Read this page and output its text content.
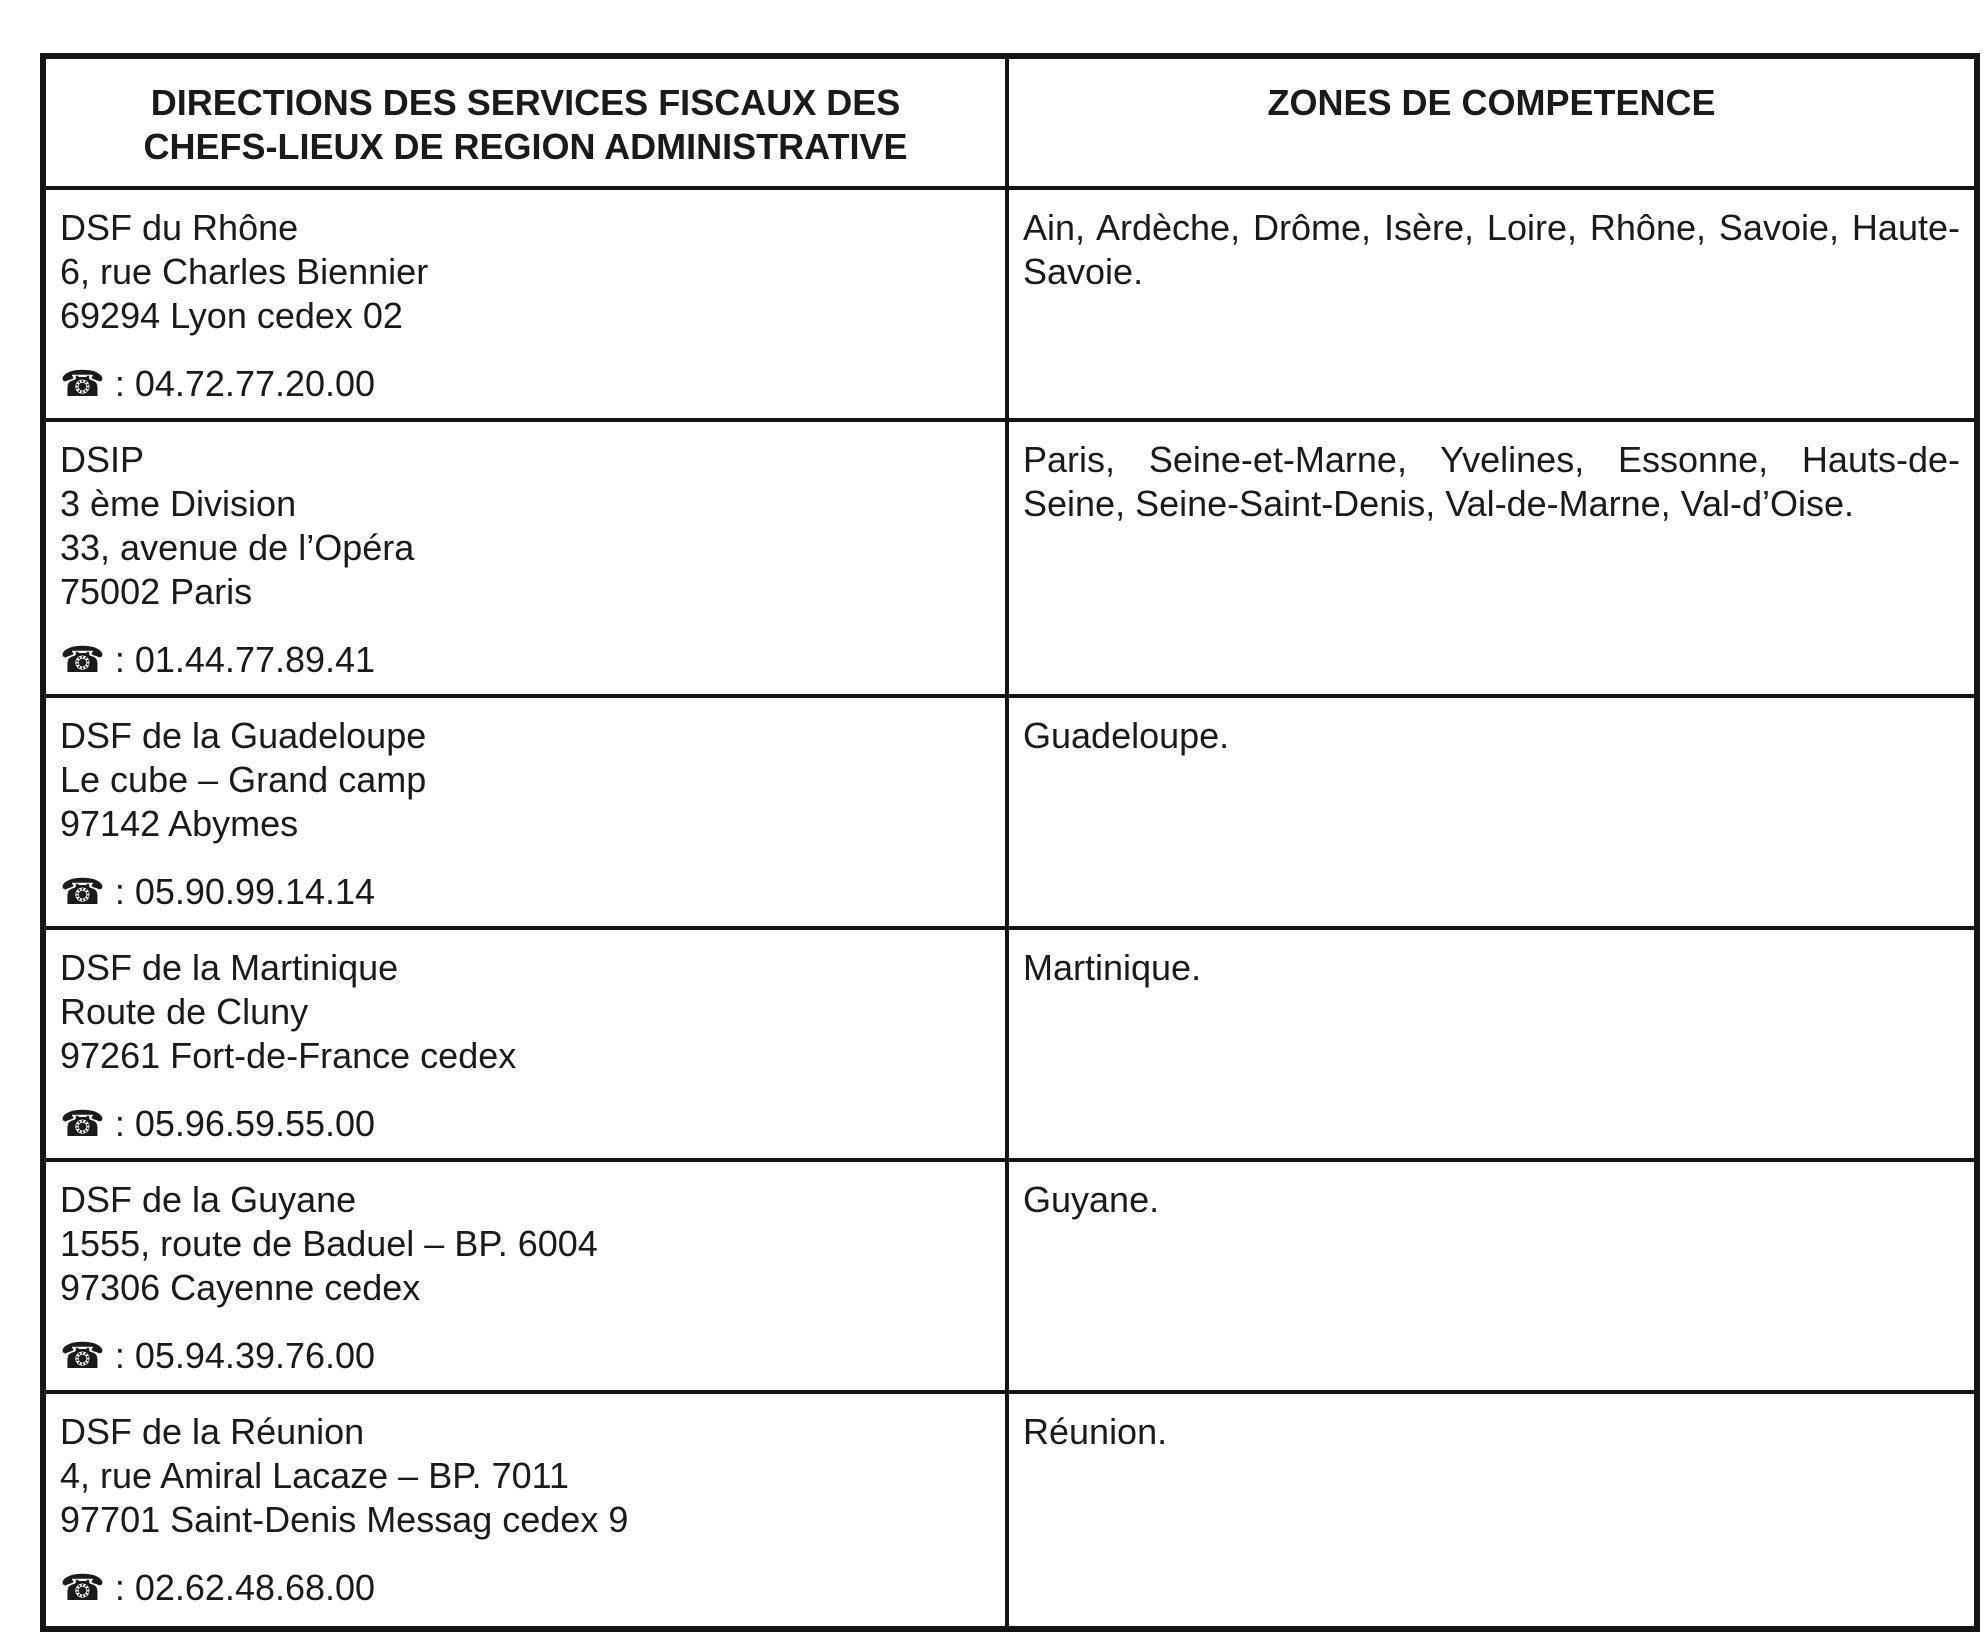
DIRECTIONS DES SERVICES FISCAUX DES CHEFS-LIEUX DE REGION ADMINISTRATIVE	ZONES DE COMPETENCE

DSF du Rhône
6, rue Charles Biennier
69294 Lyon cedex 02
☎ : 04.72.77.20.00	Ain, Ardèche, Drôme, Isère, Loire, Rhône, Savoie, Haute-Savoie.

DSIP
3 ème Division
33, avenue de l’Opéra
75002 Paris
☎ : 01.44.77.89.41	Paris, Seine-et-Marne, Yvelines, Essonne, Hauts-de-Seine, Seine-Saint-Denis, Val-de-Marne, Val-d’Oise.

DSF de la Guadeloupe
Le cube – Grand camp
97142 Abymes
☎ : 05.90.99.14.14	Guadeloupe.

DSF de la Martinique
Route de Cluny
97261 Fort-de-France cedex
☎ : 05.96.59.55.00	Martinique.

DSF de la Guyane
1555, route de Baduel – BP. 6004
97306 Cayenne cedex
☎ : 05.94.39.76.00	Guyane.

DSF de la Réunion
4, rue Amiral Lacaze – BP. 7011
97701 Saint-Denis Messag cedex 9
☎ : 02.62.48.68.00	Réunion.
